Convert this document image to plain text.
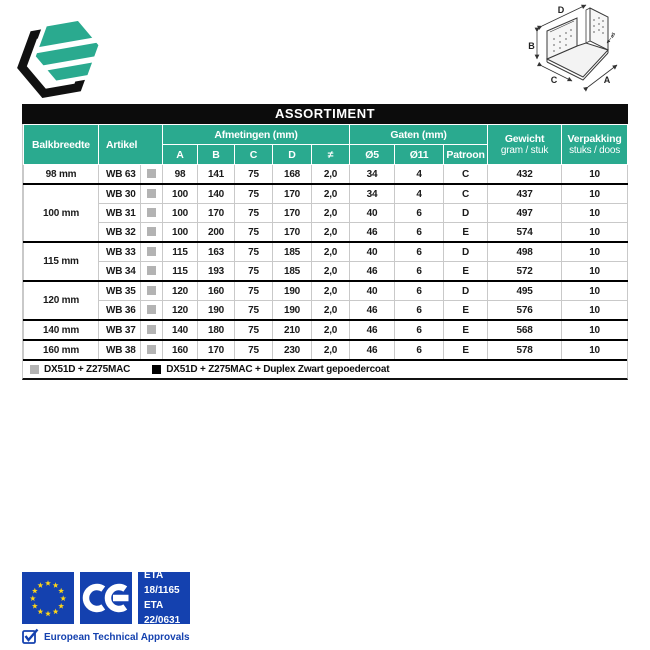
D
B
C	A
ø5
ASSORTIMENT
Balkbreedte	Artikel	Afmetingen (mm)	Gaten (mm)	Gewicht
gram / stuk

Verpakking
stuks / doos

			A	B	C	D	≠	Ø5	Ø11	Patroon		
98 mm	WB 63		98	141	75	168	2,0	34	4	C	432	10
100 mm	WB 30		100	140	75	170	2,0	34	4	C	437	10
	WB 31		100	170	75	170	2,0	40	6	D	497	10
	WB 32		100	200	75	170	2,0	46	6	E	574	10
115 mm	WB 33		115	163	75	185	2,0	40	6	D	498	10
	WB 34		115	193	75	185	2,0	46	6	E	572	10
120 mm	WB 35		120	160	75	190	2,0	40	6	D	495	10
	WB 36		120	190	75	190	2,0	46	6	E	576	10
140 mm	WB 37		140	180	75	210	2,0	46	6	E	568	10
160 mm	WB 38		160	170	75	230	2,0	46	6	E	578	10
DX51D + Z275MAC	DX51D + Z275MAC + Duplex Zwart gepoedercoat
ETA 18/1165
ETA 22/0631
European Technical Approvals
